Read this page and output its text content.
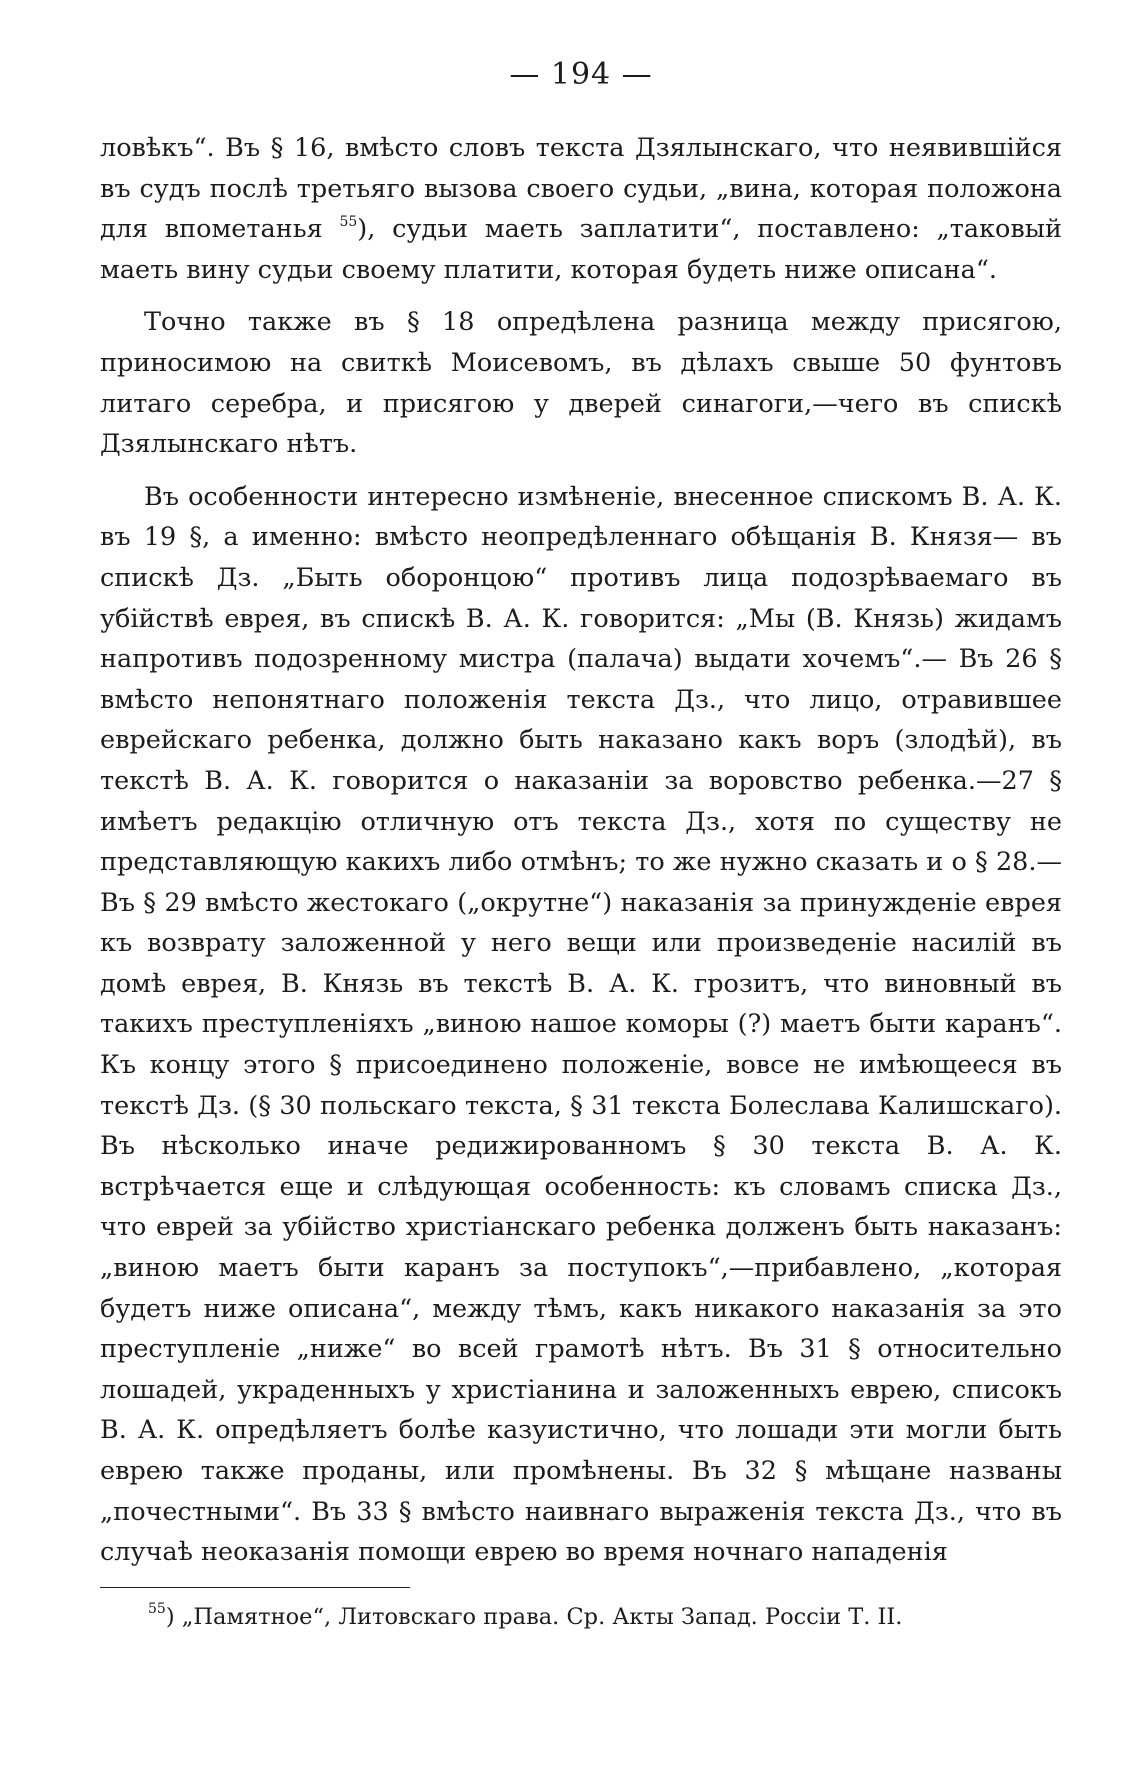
— 194 —

ловѣкъ“. Въ § 16, вмѣсто словъ текста Дзялынскаго, что неявившійся въ судъ послѣ третьяго вызова своего судьи, „вина, которая положона для впометанья $^{55}$), судьи маеть заплатити“, поставлено: „таковый маеть вину судьи своему платити, которая будеть ниже описана“.

Точно также въ § 18 опредѣлена разница между присягою, приносимою на свиткѣ Моисевомъ, въ дѣлахъ свыше 50 фунтовъ литаго серебра, и присягою у дверей синагоги,—чего въ спискѣ Дзялынскаго нѣтъ.

Въ особенности интересно измѣненіе, внесенное спискомъ В. А. К. въ 19 §, а именно: вмѣсто неопредѣленнаго обѣщанія В. Князя— въ спискѣ Дз. „Быть оборонцою“ противъ лица подозрѣваемаго въ убійствѣ еврея, въ спискѣ В. А. К. говорится: „Мы (В. Князь) жидамъ напротивъ подозренному мистра (палача) выдати хочемъ“.— Въ 26 § вмѣсто непонятнаго положенія текста Дз., что лицо, отравившее еврейскаго ребенка, должно быть наказано какъ воръ (злодѣй), въ текстѣ В. А. К. говорится о наказаніи за воровство ребенка.—27 § имѣетъ редакцію отличную отъ текста Дз., хотя по существу не представляющую какихъ либо отмѣнъ; то же нужно сказать и о § 28.—Въ § 29 вмѣсто жестокаго („окрутне“) наказанія за принужденіе еврея къ возврату заложенной у него вещи или произведеніе насилій въ домѣ еврея, В. Князь въ текстѣ В. А. К. грозитъ, что виновный въ такихъ преступленіяхъ „виною нашое коморы (?) маетъ быти каранъ“. Къ концу этого § присоединено положеніе, вовсе не имѣющееся въ текстѣ Дз. (§ 30 польскаго текста, § 31 текста Болеслава Калишскаго). Въ нѣсколько иначе редижированномъ § 30 текста В. А. К. встрѣчается еще и слѣдующая особенность: къ словамъ списка Дз., что еврей за убійство христіанскаго ребенка долженъ быть наказанъ: „виною маетъ быти каранъ за поступокъ“,—прибавлено, „которая будетъ ниже описана“, между тѣмъ, какъ никакого наказанія за это преступленіе „ниже“ во всей грамотѣ нѣтъ. Въ 31 § относительно лошадей, украденныхъ у христіанина и заложенныхъ еврею, списокъ В. А. К. опредѣляетъ болѣе казуистично, что лошади эти могли быть еврею также проданы, или промѣнены. Въ 32 § мѣщане названы „почестными“. Въ 33 § вмѣсто наивнаго выраженія текста Дз., что въ случаѣ неоказанія помощи еврею во время ночнаго нападенія

$^{55}$) „Памятное“, Литовскаго права. Ср. Акты Запад. Россіи Т. II.
